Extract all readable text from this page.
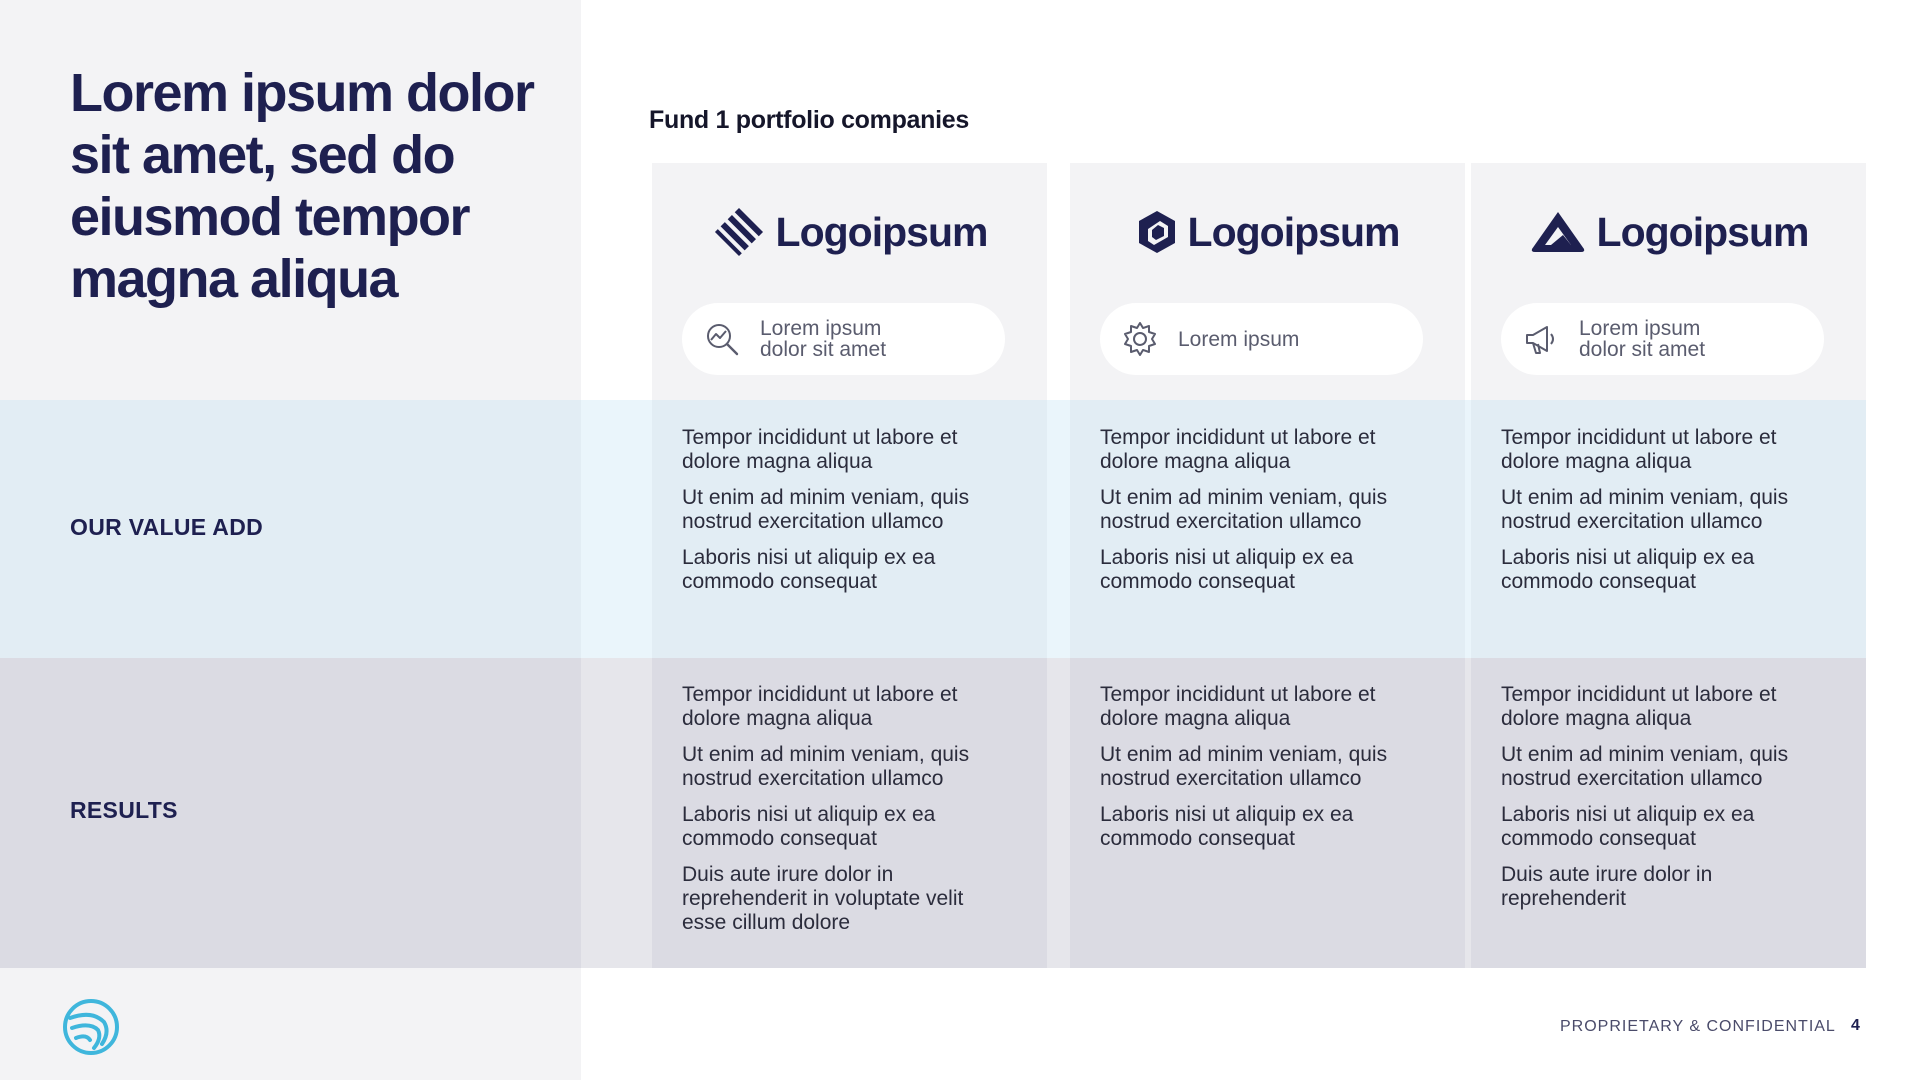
Lorem ipsum dolor sit amet, sed do eiusmod tempor magna aliqua
Fund 1 portfolio companies

OUR VALUE ADD

RESULTS

Logoipsum
Lorem ipsum
dolor sit amet
Tempor incididunt ut labore et dolore magna aliqua
Ut enim ad minim veniam, quis nostrud exercitation ullamco
Laboris nisi ut aliquip ex ea commodo consequat
Tempor incididunt ut labore et dolore magna aliqua
Ut enim ad minim veniam, quis nostrud exercitation ullamco
Laboris nisi ut aliquip ex ea commodo consequat
Duis aute irure dolor in reprehenderit in voluptate velit esse cillum dolore
Logoipsum
Lorem ipsum
Tempor incididunt ut labore et dolore magna aliqua
Ut enim ad minim veniam, quis nostrud exercitation ullamco
Laboris nisi ut aliquip ex ea commodo consequat
Tempor incididunt ut labore et dolore magna aliqua
Ut enim ad minim veniam, quis nostrud exercitation ullamco
Laboris nisi ut aliquip ex ea commodo consequat
Logoipsum
Lorem ipsum
dolor sit amet
Tempor incididunt ut labore et dolore magna aliqua
Ut enim ad minim veniam, quis nostrud exercitation ullamco
Laboris nisi ut aliquip ex ea commodo consequat
Tempor incididunt ut labore et dolore magna aliqua
Ut enim ad minim veniam, quis nostrud exercitation ullamco
Laboris nisi ut aliquip ex ea commodo consequat
Duis aute irure dolor in reprehenderit
PROPRIETARY & CONFIDENTIAL 4
